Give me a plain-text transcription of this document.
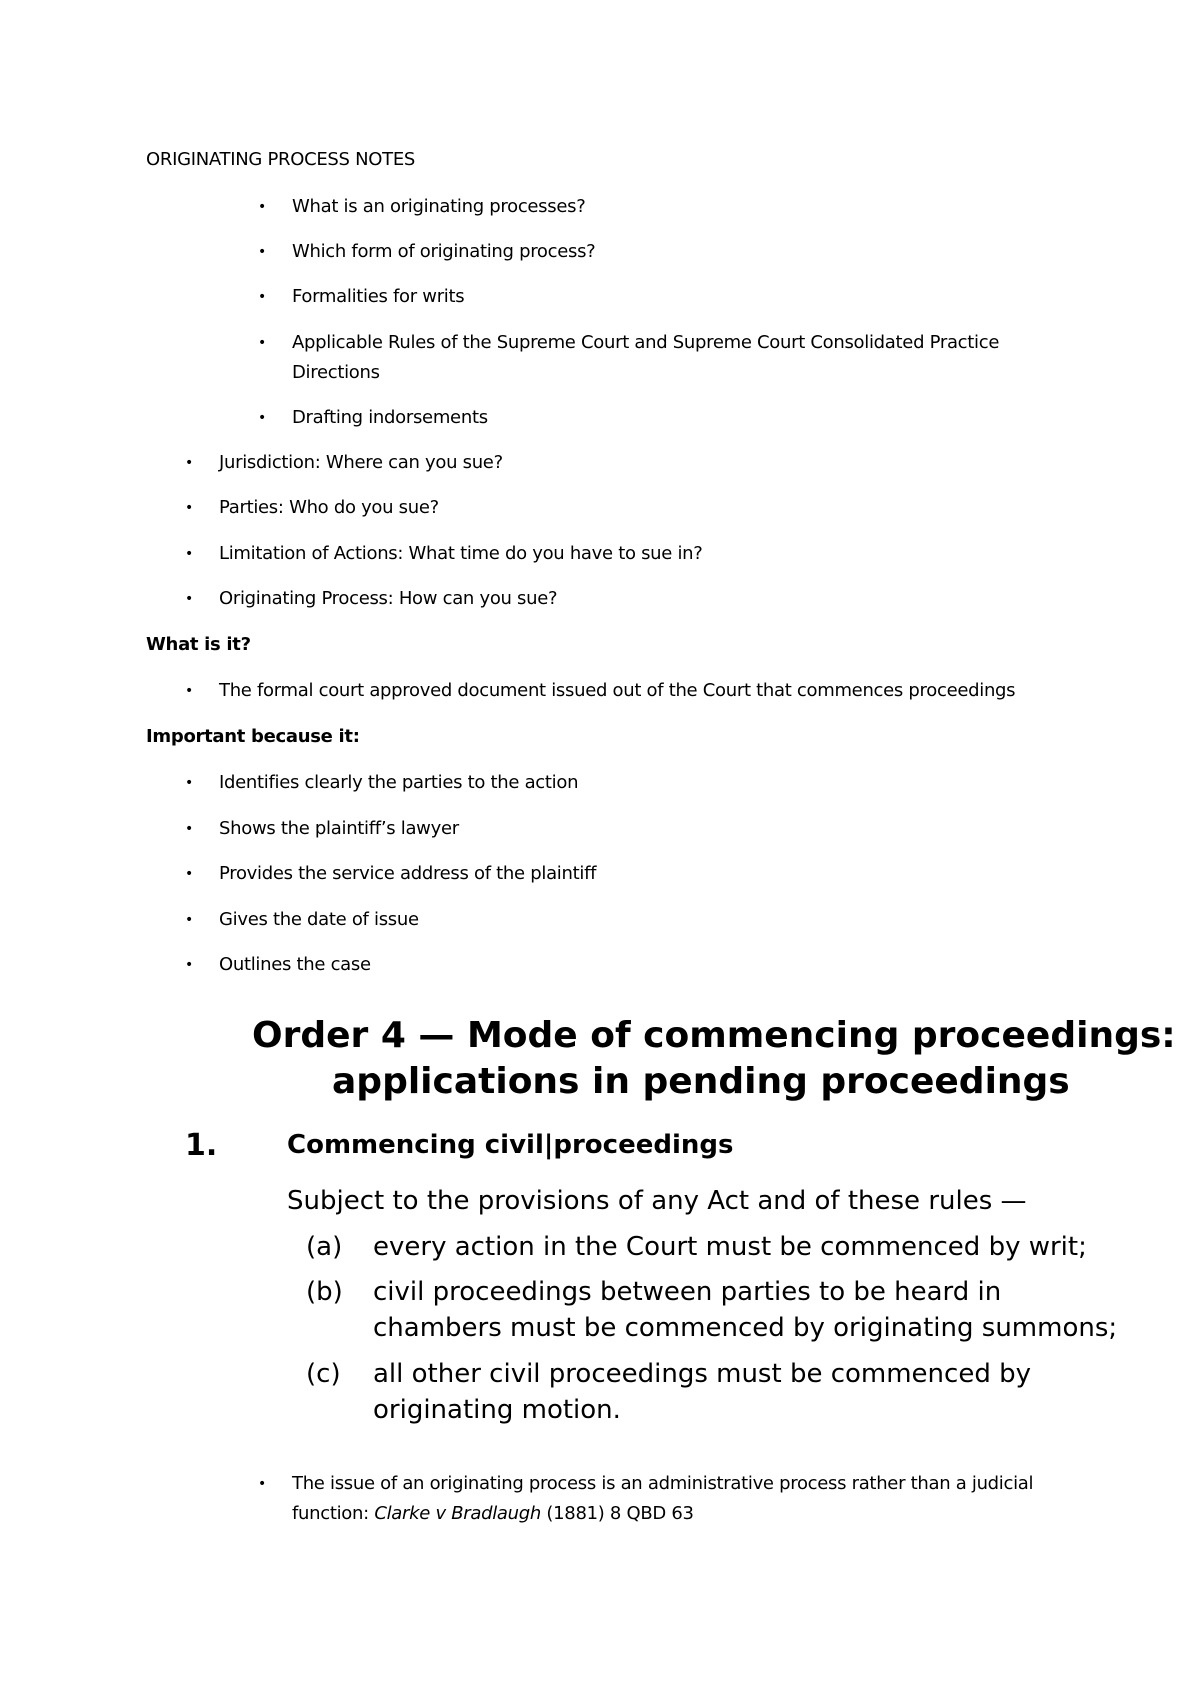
ORIGINATING PROCESS NOTES
• What is an originating processes?
• Which form of originating process?
• Formalities for writs
• Applicable Rules of the Supreme Court and Supreme Court Consolidated Practice
Directions
• Drafting indorsements
• Jurisdiction: Where can you sue?
• Parties: Who do you sue?
• Limitation of Actions: What time do you have to sue in?
• Originating Process: How can you sue?
What is it?
• The formal court approved document issued out of the Court that commences proceedings
Important because it:
• Identifies clearly the parties to the action
• Shows the plaintiff’s lawyer
• Provides the service address of the plaintiff
• Gives the date of issue
• Outlines the case
Order 4 — Mode of commencing proceedings:
applications in pending proceedings
1.	Commencing civil|proceedings
Subject to the provisions of any Act and of these rules —
(a) every action in the Court must be commenced by writ;
(b) civil proceedings between parties to be heard in
chambers must be commenced by originating summons;
(c) all other civil proceedings must be commenced by
originating motion.
• The issue of an originating process is an administrative process rather than a judicial
function: Clarke v Bradlaugh (1881) 8 QBD 63
